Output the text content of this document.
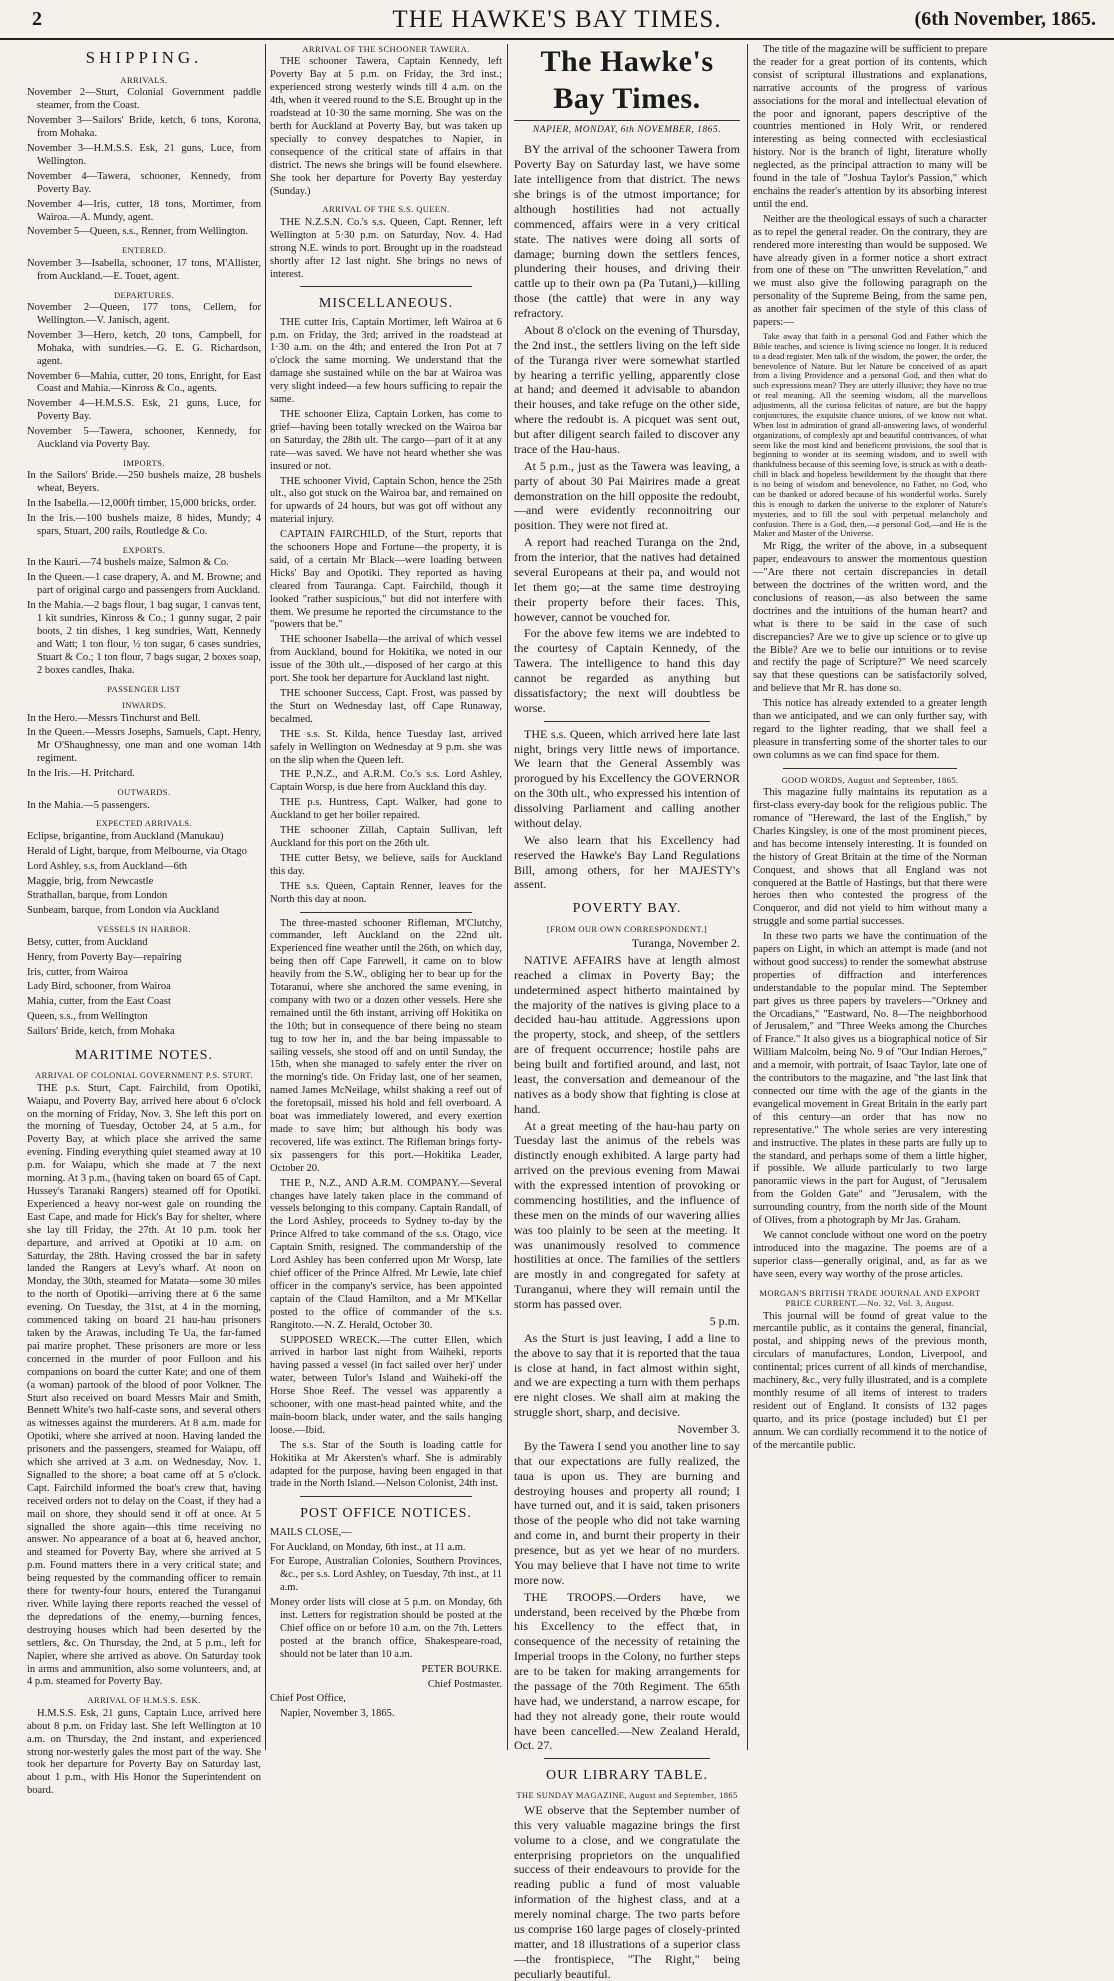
2	THE HAWKE'S BAY TIMES.	(6th November, 1865.
SHIPPING.
ARRIVALS.

November 2—Sturt, Colonial Government paddle steamer, from the Coast.

November 3—Sailors' Bride, ketch, 6 tons, Korona, from Mohaka.

November 3—H.M.S.S. Esk, 21 guns, Luce, from Wellington.

November 4—Tawera, schooner, Kennedy, from Poverty Bay.

November 4—Iris, cutter, 18 tons, Mortimer, from Wairoa.—A. Mundy, agent.

November 5—Queen, s.s., Renner, from Wellington.

ENTERED.

November 3—Isabella, schooner, 17 tons, M'Allister, from Auckland.—E. Touet, agent.

DEPARTURES.

November 2—Queen, 177 tons, Cellem, for Wellington.—V. Janisch, agent.

November 3—Hero, ketch, 20 tons, Campbell, for Mohaka, with sundries.—G. E. G. Richardson, agent.

November 6—Mahia, cutter, 20 tons, Enright, for East Coast and Mahia.—Kinross & Co., agents.

November 4—H.M.S.S. Esk, 21 guns, Luce, for Poverty Bay.

November 5—Tawera, schooner, Kennedy, for Auckland via Poverty Bay.

IMPORTS.

In the Sailors' Bride.—250 bushels maize, 28 bushels wheat, Beyers.

In the Isabella.—12,000ft timber, 15,000 bricks, order.

In the Iris.—100 bushels maize, 8 hides, Mundy; 4 spars, Stuart, 200 rails, Routledge & Co.

EXPORTS.

In the Kauri.—74 bushels maize, Salmon & Co.

In the Queen.—1 case drapery, A. and M. Browne; and part of original cargo and passengers from Auckland.

In the Mahia.—2 bags flour, 1 bag sugar, 1 canvas tent, 1 kit sundries, Kinross & Co.; 1 gunny sugar, 2 pair boots, 2 tin dishes, 1 keg sundries, Watt, Kennedy and Watt; 1 ton flour, ½ ton sugar, 6 cases sundries, Stuart & Co.; 1 ton flour, 7 bags sugar, 2 boxes soap, 2 boxes candles, Ihaka.

PASSENGER LIST
INWARDS.

In the Hero.—Messrs Tinchurst and Bell.

In the Queen.—Messrs Josephs, Samuels, Capt. Henry, Mr O'Shaughnessy, one man and one woman 14th regiment.

In the Iris.—H. Pritchard.

OUTWARDS.

In the Mahia.—5 passengers.

EXPECTED ARRIVALS.

Eclipse, brigantine, from Auckland (Manukau)

Herald of Light, barque, from Melbourne, via Otago

Lord Ashley, s.s, from Auckland—6th

Maggie, brig, from Newcastle

Strathallan, barque, from London

Sunbeam, barque, from London via Auckland

VESSELS IN HARBOR.

Betsy, cutter, from Auckland

Henry, from Poverty Bay—repairing

Iris, cutter, from Wairoa

Lady Bird, schooner, from Wairoa

Mahia, cutter, from the East Coast

Queen, s.s., from Wellington

Sailors' Bride, ketch, from Mohaka

MARITIME NOTES.
ARRIVAL OF COLONIAL GOVERNMENT P.S. STURT.

THE p.s. Sturt, Capt. Fairchild, from Opotiki, Waiapu, and Poverty Bay, arrived here about 6 o'clock on the morning of Friday, Nov. 3. She left this port on the morning of Tuesday, October 24, at 5 a.m., for Poverty Bay, at which place she arrived the same evening. Finding everything quiet steamed away at 10 p.m. for Waiapu, which she made at 7 the next morning. At 3 p.m., (having taken on board 65 of Capt. Hussey's Taranaki Rangers) steamed off for Opotiki. Experienced a heavy nor-west gale on rounding the East Cape, and made for Hick's Bay for shelter, where she lay till Friday, the 27th. At 10 p.m. took her departure, and arrived at Opotiki at 10 a.m. on Saturday, the 28th. Having crossed the bar in safety landed the Rangers at Levy's wharf. At noon on Monday, the 30th, steamed for Matata—some 30 miles to the north of Opotiki—arriving there at 6 the same evening. On Tuesday, the 31st, at 4 in the morning, commenced taking on board 21 hau-hau prisoners taken by the Arawas, including Te Ua, the far-famed pai marire prophet. These prisoners are more or less concerned in the murder of poor Fulloon and his companions on board the cutter Kate; and one of them (a woman) partook of the blood of poor Volkner. The Sturt also received on board Messrs Mair and Smith, Bennett White's two half-caste sons, and several others as witnesses against the murderers. At 8 a.m. made for Opotiki, where she arrived at noon. Having landed the prisoners and the passengers, steamed for Waiapu, off which she arrived at 3 a.m. on Wednesday, Nov. 1. Signalled to the shore; a boat came off at 5 o'clock. Capt. Fairchild informed the boat's crew that, having received orders not to delay on the Coast, if they had a mail on shore, they should send it off at once. At 5 signalled the shore again—this time receiving no answer. No appearance of a boat at 6, heaved anchor, and steamed for Poverty Bay, where she arrived at 5 p.m. Found matters there in a very critical state; and being requested by the commanding officer to remain there for twenty-four hours, entered the Turanganui river. While laying there reports reached the vessel of the depredations of the enemy,—burning fences, destroying houses which had been deserted by the settlers, &c. On Thursday, the 2nd, at 5 p.m., left for Napier, where she arrived as above. On Saturday took in arms and ammunition, also some volunteers, and, at 4 p.m. steamed for Poverty Bay.

ARRIVAL OF H.M.S.S. ESK.

H.M.S.S. Esk, 21 guns, Captain Luce, arrived here about 8 p.m. on Friday last. She left Wellington at 10 a.m. on Thursday, the 2nd instant, and experienced strong nor-westerly gales the most part of the way. She took her departure for Poverty Bay on Saturday last, about 1 p.m., with His Honor the Superintendent on board.

ARRIVAL OF THE SCHOONER TAWERA.

THE schooner Tawera, Captain Kennedy, left Poverty Bay at 5 p.m. on Friday, the 3rd inst.; experienced strong westerly winds till 4 a.m. on the 4th, when it veered round to the S.E. Brought up in the roadstead at 10·30 the same morning. She was on the berth for Auckland at Poverty Bay, but was taken up specially to convey despatches to Napier, in consequence of the critical state of affairs in that district. The news she brings will be found elsewhere. She took her departure for Poverty Bay yesterday (Sunday.)

ARRIVAL OF THE S.S. QUEEN.

THE N.Z.S.N. Co.'s s.s. Queen, Capt. Renner, left Wellington at 5·30 p.m. on Saturday, Nov. 4. Had strong N.E. winds to port. Brought up in the roadstead shortly after 12 last night. She brings no news of interest.

MISCELLANEOUS.

THE cutter Iris, Captain Mortimer, left Wairoa at 6 p.m. on Friday, the 3rd; arrived in the roadstead at 1·30 a.m. on the 4th; and entered the Iron Pot at 7 o'clock the same morning. We understand that the damage she sustained while on the bar at Wairoa was very slight indeed—a few hours sufficing to repair the same.

THE schooner Eliza, Captain Lorken, has come to grief—having been totally wrecked on the Wairoa bar on Saturday, the 28th ult. The cargo—part of it at any rate—was saved. We have not heard whether she was insured or not.

THE schooner Vivid, Captain Schon, hence the 25th ult., also got stuck on the Wairoa bar, and remained on for upwards of 24 hours, but was got off without any material injury.

CAPTAIN FAIRCHILD, of the Sturt, reports that the schooners Hope and Fortune—the property, it is said, of a certain Mr Black—were loading between Hicks' Bay and Opotiki. They reported as having cleared from Tauranga. Capt. Fairchild, though it looked "rather suspicious," but did not interfere with them. We presume he reported the circumstance to the "powers that be."

THE schooner Isabella—the arrival of which vessel from Auckland, bound for Hokitika, we noted in our issue of the 30th ult.,—disposed of her cargo at this port. She took her departure for Auckland last night.

THE schooner Success, Capt. Frost, was passed by the Sturt on Wednesday last, off Cape Runaway, becalmed.

THE s.s. St. Kilda, hence Tuesday last, arrived safely in Wellington on Wednesday at 9 p.m. she was on the slip when the Queen left.

THE P.,N.Z., and A.R.M. Co.'s s.s. Lord Ashley, Captain Worsp, is due here from Auckland this day.

THE p.s. Huntress, Capt. Walker, had gone to Auckland to get her boiler repaired.

THE schooner Zillah, Captain Sullivan, left Auckland for this port on the 26th ult.

THE cutter Betsy, we believe, sails for Auckland this day.

THE s.s. Queen, Captain Renner, leaves for the North this day at noon.

The three-masted schooner Rifleman, M'Clutchy, commander, left Auckland on the 22nd ult. Experienced fine weather until the 26th, on which day, being then off Cape Farewell, it came on to blow heavily from the S.W., obliging her to bear up for the Totaranui, where she anchored the same evening, in company with two or a dozen other vessels. Here she remained until the 6th instant, arriving off Hokitika on the 10th; but in consequence of there being no steam tug to tow her in, and the bar being impassable to sailing vessels, she stood off and on until Sunday, the 15th, when she managed to safely enter the river on the morning's tide. On Friday last, one of her seamen, named James McNeilage, whilst shaking a reef out of the foretopsail, missed his hold and fell overboard. A boat was immediately lowered, and every exertion made to save him; but although his body was recovered, life was extinct. The Rifleman brings forty-six passengers for this port.—Hokitika Leader, October 20.

THE P., N.Z., AND A.R.M. COMPANY.—Several changes have lately taken place in the command of vessels belonging to this company. Captain Randall, of the Lord Ashley, proceeds to Sydney to-day by the Prince Alfred to take command of the s.s. Otago, vice Captain Smith, resigned. The commandership of the Lord Ashley has been conferred upon Mr Worsp, late chief officer of the Prince Alfred. Mr Lewie, late chief officer in the company's service, has been appointed captain of the Claud Hamilton, and a Mr M'Kellar posted to the office of commander of the s.s. Rangitoto.—N. Z. Herald, October 30.

SUPPOSED WRECK.—The cutter Ellen, which arrived in harbor last night from Waiheki, reports having passed a vessel (in fact sailed over her)' under water, between Tulor's Island and Waiheki-off the Horse Shoe Reef. The vessel was apparently a schooner, with one mast-head painted white, and the main-boom black, under water, and the sails hanging loose.—Ibid.

The s.s. Star of the South is loading cattle for Hokitika at Mr Akersten's wharf. She is admirably adapted for the purpose, having been engaged in that trade in the North Island.—Nelson Colonist, 24th inst.

POST OFFICE NOTICES.

MAILS CLOSE,—

For Auckland, on Monday, 6th inst., at 11 a.m.

For Europe, Australian Colonies, Southern Provinces, &c., per s.s. Lord Ashley, on Tuesday, 7th inst., at 11 a.m.

Money order lists will close at 5 p.m. on Monday, 6th inst. Letters for registration should be posted at the Chief office on or before 10 a.m. on the 7th. Letters posted at the branch office, Shakespeare-road, should not be later than 10 a.m.

PETER BOURKE.

Chief Postmaster.

Chief Post Office,

Napier, November 3, 1865.

The Hawke's Bay Times.
NAPIER, MONDAY, 6th NOVEMBER, 1865.

BY the arrival of the schooner Tawera from Poverty Bay on Saturday last, we have some late intelligence from that district. The news she brings is of the utmost importance; for although hostilities had not actually commenced, affairs were in a very critical state. The natives were doing all sorts of damage; burning down the settlers fences, plundering their houses, and driving their cattle up to their own pa (Pa Tutani,)—killing those (the cattle) that were in any way refractory.

About 8 o'clock on the evening of Thursday, the 2nd inst., the settlers living on the left side of the Turanga river were somewhat startled by hearing a terrific yelling, apparently close at hand; and deemed it advisable to abandon their houses, and take refuge on the other side, where the redoubt is. A picquet was sent out, but after diligent search failed to discover any trace of the Hau-haus.

At 5 p.m., just as the Tawera was leaving, a party of about 30 Pai Mairires made a great demonstration on the hill opposite the redoubt,—and were evidently reconnoitring our position. They were not fired at.

A report had reached Turanga on the 2nd, from the interior, that the natives had detained several Europeans at their pa, and would not let them go;—at the same time destroying their property before their faces. This, however, cannot be vouched for.

For the above few items we are indebted to the courtesy of Captain Kennedy, of the Tawera. The intelligence to hand this day cannot be regarded as anything but dissatisfactory; the next will doubtless be worse.

THE s.s. Queen, which arrived here late last night, brings very little news of importance. We learn that the General Assembly was prorogued by his Excellency the GOVERNOR on the 30th ult., who expressed his intention of dissolving Parliament and calling another without delay.

We also learn that his Excellency had reserved the Hawke's Bay Land Regulations Bill, among others, for her MAJESTY's assent.

POVERTY BAY.
[FROM OUR OWN CORRESPONDENT.]

Turanga, November 2.

NATIVE AFFAIRS have at length almost reached a climax in Poverty Bay; the undetermined aspect hitherto maintained by the majority of the natives is giving place to a decided hau-hau attitude. Aggressions upon the property, stock, and sheep, of the settlers are of frequent occurrence; hostile pahs are being built and fortified around, and last, not least, the conversation and demeanour of the natives as a body show that fighting is close at hand.

At a great meeting of the hau-hau party on Tuesday last the animus of the rebels was distinctly enough exhibited. A large party had arrived on the previous evening from Mawai with the expressed intention of provoking or commencing hostilities, and the influence of these men on the minds of our wavering allies was too plainly to be seen at the meeting. It was unanimously resolved to commence hostilities at once. The families of the settlers are mostly in and congregated for safety at Turanganui, where they will remain until the storm has passed over.

5 p.m.

As the Sturt is just leaving, I add a line to the above to say that it is reported that the taua is close at hand, in fact almost within sight, and we are expecting a turn with them perhaps ere night closes. We shall aim at making the struggle short, sharp, and decisive.

November 3.

By the Tawera I send you another line to say that our expectations are fully realized, the taua is upon us. They are burning and destroying houses and property all round; I have turned out, and it is said, taken prisoners those of the people who did not take warning and come in, and burnt their property in their presence, but as yet we hear of no murders. You may believe that I have not time to write more now.

THE TROOPS.—Orders have, we understand, been received by the Phœbe from his Excellency to the effect that, in consequence of the necessity of retaining the Imperial troops in the Colony, no further steps are to be taken for making arrangements for the passage of the 70th Regiment. The 65th have had, we understand, a narrow escape, for had they not already gone, their route would have been cancelled.—New Zealand Herald, Oct. 27.

OUR LIBRARY TABLE.
THE SUNDAY MAGAZINE, August and September, 1865

WE observe that the September number of this very valuable magazine brings the first volume to a close, and we congratulate the enterprising proprietors on the unqualified success of their endeavours to provide for the reading public a fund of most valuable information of the highest class, and at a merely nominal charge. The two parts before us comprise 160 large pages of closely-printed matter, and 18 illustrations of a superior class—the frontispiece, "The Right," being peculiarly beautiful.

The title of the magazine will be sufficient to prepare the reader for a great portion of its contents, which consist of scriptural illustrations and explanations, narrative accounts of the progress of various associations for the moral and intellectual elevation of the poor and ignorant, papers descriptive of the countries mentioned in Holy Writ, or rendered interesting as being connected with ecclesiastical history. Nor is the branch of light, literature wholly neglected, as the principal attraction to many will be found in the tale of "Joshua Taylor's Passion," which enchains the reader's attention by its absorbing interest until the end.

Neither are the theological essays of such a character as to repel the general reader. On the contrary, they are rendered more interesting than would be supposed. We have already given in a former notice a short extract from one of these on "The unwritten Revelation," and we must also give the following paragraph on the personality of the Supreme Being, from the same pen, as another fair specimen of the style of this class of papers:—

Take away that faith in a personal God and Father which the Bible teaches, and science is living science no longer. It is reduced to a dead register. Men talk of the wisdom, the power, the order, the benevolence of Nature. But let Nature be conceived of as apart from a living Providence and a personal God, and then what do such expressions mean? They are utterly illusive; they have no true or real meaning. All the seeming wisdom, all the marvellous adjustments, all the curiosa felicitas of nature, are but the happy conjunctures, the exquisite chance unions, of we know not what. When lost in admiration of grand all-answering laws, of wonderful organizations, of complexly apt and beautiful contrivances, of what seem like the most kind and beneficent provisions, the soul that is beginning to wonder at its seeming wisdom, and to swell with thankfulness because of this seeming love, is struck as with a death-chill in black and hopeless bewilderment by the thought that there is no being of wisdom and benevolence, no Father, no God, who can be thanked or adored because of his wonderful works. Surely this is enough to darken the universe to the explorer of Nature's mysteries, and to fill the soul with perpetual melancholy and confusion. There is a God, then,—a personal God,—and He is the Maker and Master of the Universe.

Mr Rigg, the writer of the above, in a subsequent paper, endeavours to answer the momentous question—"Are there not certain discrepancies in detail between the doctrines of the written word, and the conclusions of reason,—as also between the same doctrines and the intuitions of the human heart? and what is there to be said in the case of such discrepancies? Are we to give up science or to give up the Bible? Are we to belie our intuitions or to revise and rectify the page of Scripture?" We need scarcely say that these questions can be satisfactorily solved, and believe that Mr R. has done so.

This notice has already extended to a greater length than we anticipated, and we can only further say, with regard to the lighter reading, that we shall feel a pleasure in transferring some of the shorter tales to our own columns as we can find space for them.

GOOD WORDS, August and September, 1865.

This magazine fully maintains its reputation as a first-class every-day book for the religious public. The romance of "Hereward, the last of the English," by Charles Kingsley, is one of the most prominent pieces, and has become intensely interesting. It is founded on the history of Great Britain at the time of the Norman Conquest, and shows that all England was not conquered at the Battle of Hastings, but that there were heroes then who contested the progress of the Conqueror, and did not yield to him without many a struggle and some partial successes.

In these two parts we have the continuation of the papers on Light, in which an attempt is made (and not without good success) to render the somewhat abstruse properties of diffraction and interferences understandable to the popular mind. The September part gives us three papers by travelers—"Orkney and the Orcadians," "Eastward, No. 8—The neighborhood of Jerusalem," and "Three Weeks among the Churches of France." It also gives us a biographical notice of Sir William Malcolm, being No. 9 of "Our Indian Heroes," and a memoir, with portrait, of Isaac Taylor, late one of the contributors to the magazine, and "the last link that connected our time with the age of the giants in the evangelical movement in Great Britain in the early part of this century—an order that has now no representative." The whole series are very interesting and instructive. The plates in these parts are fully up to the standard, and perhaps some of them a little higher, if possible. We allude particularly to two large panoramic views in the part for August, of "Jerusalem from the Golden Gate" and "Jerusalem, with the surrounding country, from the north side of the Mount of Olives, from a photograph by Mr Jas. Graham.

We cannot conclude without one word on the poetry introduced into the magazine. The poems are of a superior class—generally original, and, as far as we have seen, every way worthy of the prose articles.

MORGAN'S BRITISH TRADE JOURNAL AND EXPORT PRICE CURRENT.—No. 32, Vol. 3, August.

This journal will be found of great value to the mercantile public, as it contains the general, financial, postal, and shipping news of the previous month, circulars of manufactures, London, Liverpool, and continental; prices current of all kinds of merchandise, machinery, &c., very fully illustrated, and is a complete monthly resume of all items of interest to traders resident out of England. It consists of 132 pages quarto, and its price (postage included) but £1 per annum. We can cordially recommend it to the notice of of the mercantile public.
